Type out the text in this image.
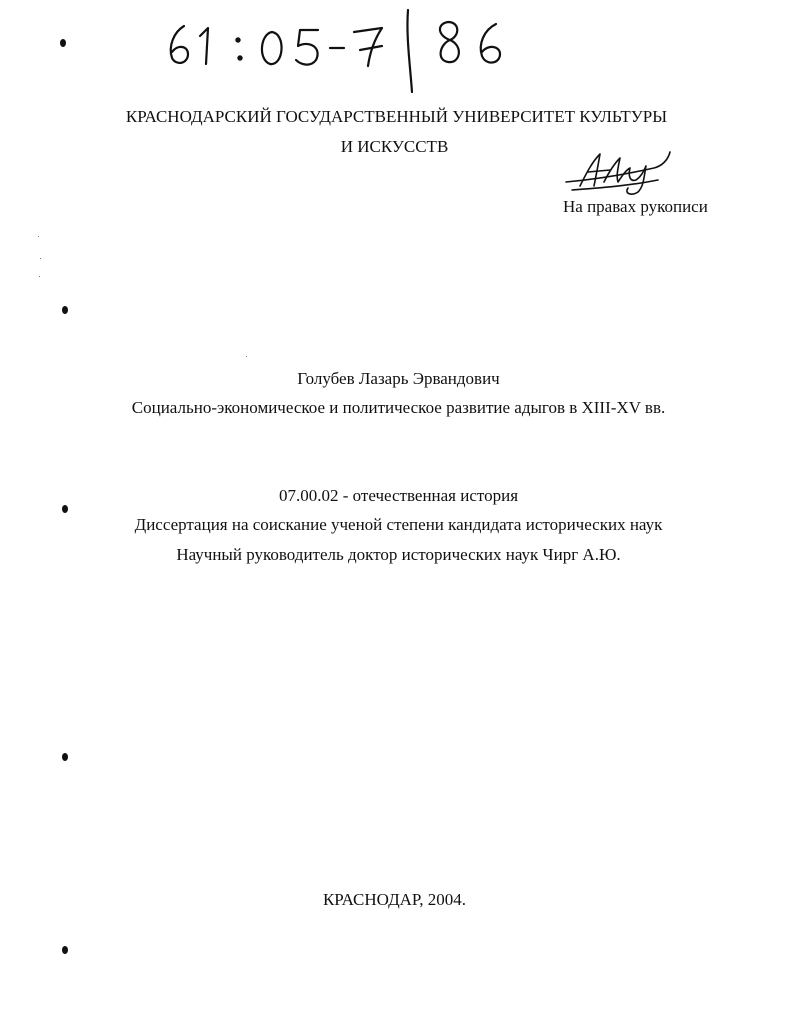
КРАСНОДАРСКИЙ ГОСУДАРСТВЕННЫЙ УНИВЕРСИТЕТ КУЛЬТУРЫ
И ИСКУССТВ
На правах рукописи
Голубев Лазарь Эрвандович
Социально-экономическое и политическое развитие адыгов в XIII-XV вв.
07.00.02 - отечественная история
Диссертация на соискание ученой степени кандидата исторических наук
Научный руководитель доктор исторических наук Чирг А.Ю.
КРАСНОДАР, 2004.
